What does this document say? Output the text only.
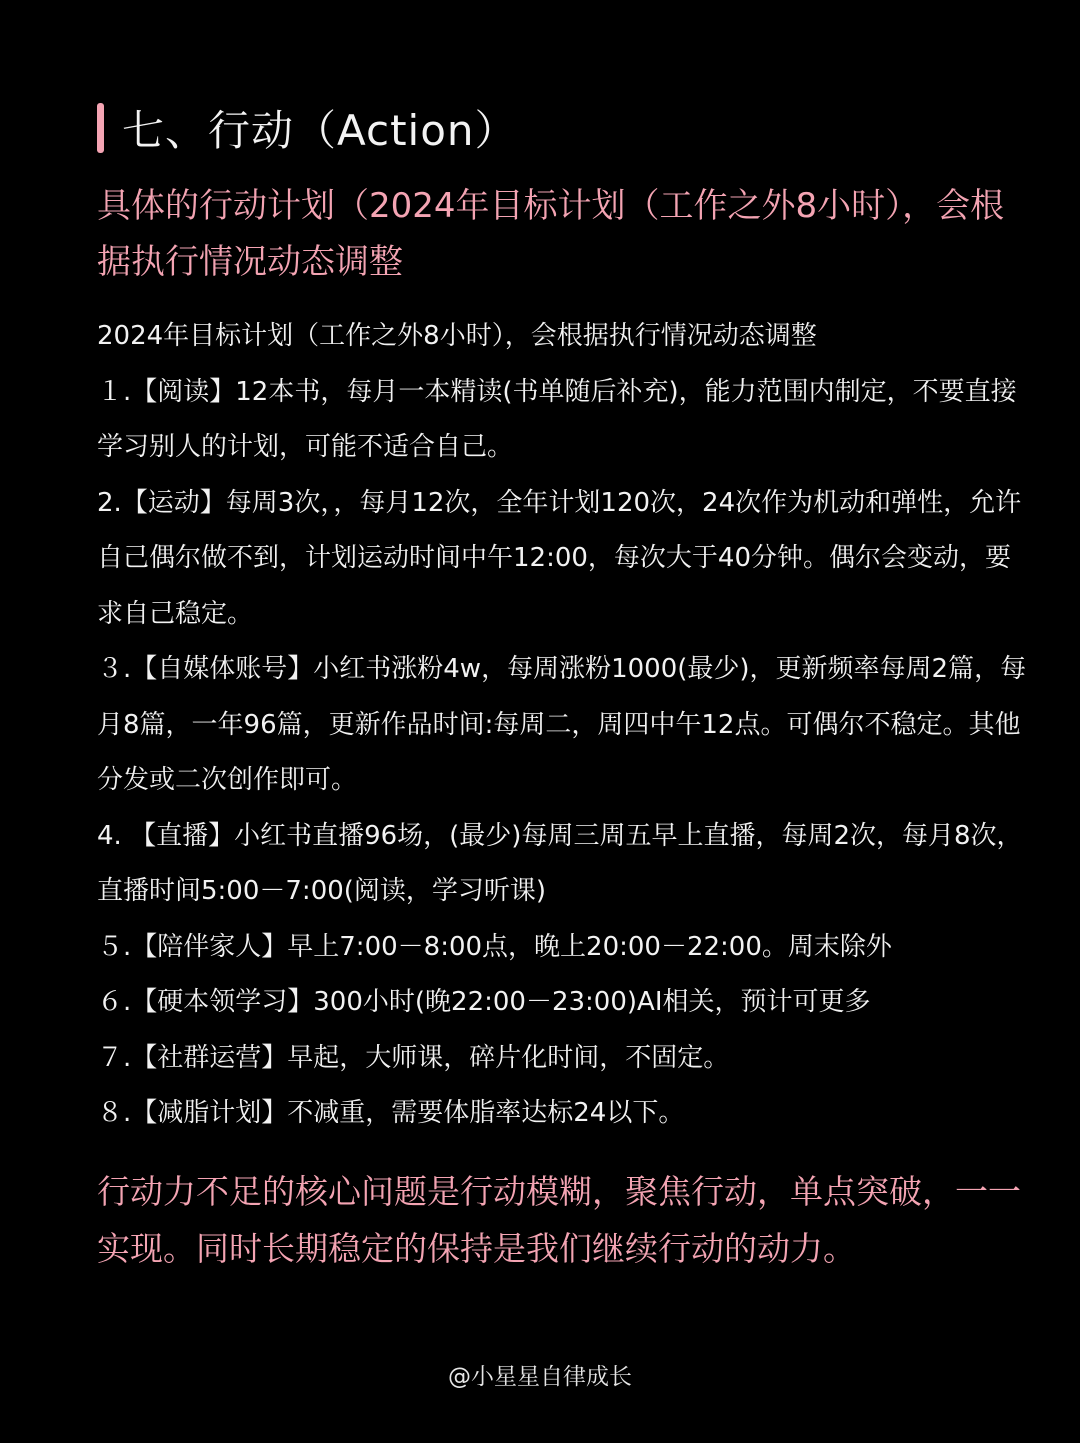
七、行动（Action）

具体的行动计划（2024年目标计划（工作之外8小时），会根据执行情况动态调整

2024年目标计划（工作之外8小时），会根据执行情况动态调整

１.【阅读】12本书，每月一本精读(书单随后补充)，能力范围内制定，不要直接学习别人的计划，可能不适合自己。

2.【运动】每周3次，，每月12次，全年计划120次，24次作为机动和弹性，允许自己偶尔做不到，计划运动时间中午12:00，每次大于40分钟。偶尔会变动，要求自己稳定。

３.【自媒体账号】小红书涨粉4w，每周涨粉1000(最少)，更新频率每周2篇，每月8篇，一年96篇，更新作品时间:每周二，周四中午12点。可偶尔不稳定。其他分发或二次创作即可。

4. 【直播】小红书直播96场，(最少)每周三周五早上直播，每周2次，每月8次，直播时间5:00－7:00(阅读，学习听课)

５.【陪伴家人】早上7:00－8:00点，晚上20:00－22:00。周末除外

６.【硬本领学习】300小时(晚22:00－23:00)AI相关，预计可更多

７.【社群运营】早起，大师课，碎片化时间，不固定。

８.【减脂计划】不减重，需要体脂率达标24以下。

行动力不足的核心问题是行动模糊，聚焦行动，单点突破，一一实现。同时长期稳定的保持是我们继续行动的动力。

@小星星自律成长
